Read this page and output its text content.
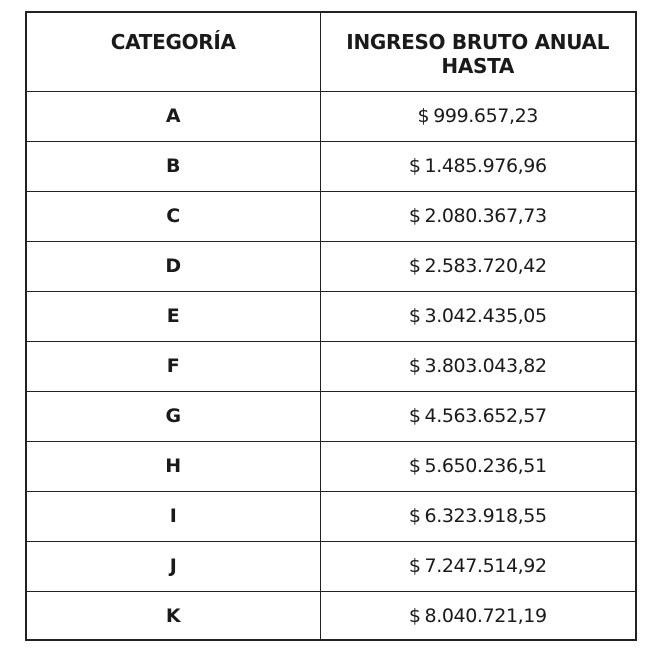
CATEGORÍA	INGRESO BRUTO ANUAL
HASTA

A	$ 999.657,23
B	$ 1.485.976,96
C	$ 2.080.367,73
D	$ 2.583.720,42
E	$ 3.042.435,05
F	$ 3.803.043,82
G	$ 4.563.652,57
H	$ 5.650.236,51
I	$ 6.323.918,55
J	$ 7.247.514,92
K	$ 8.040.721,19
